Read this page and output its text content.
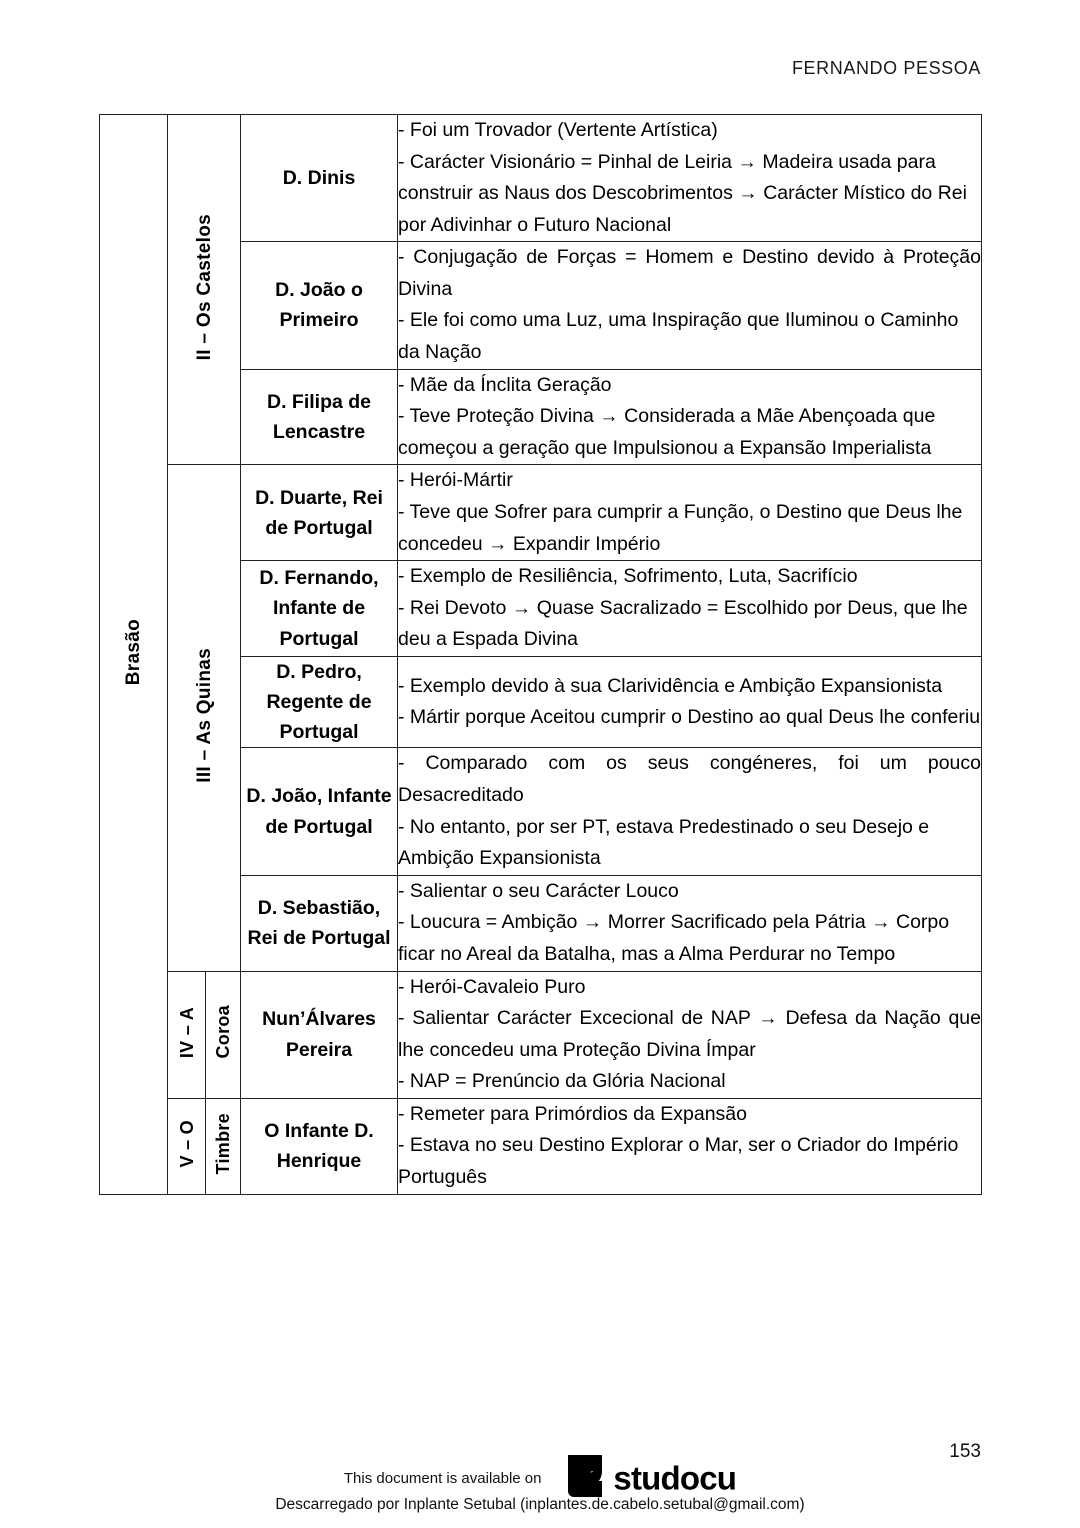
FERNANDO PESSOA
Brasão	II – Os Castelos		D. Dinis	- Foi um Trovador (Vertente Artística)

- Carácter Visionário = Pinhal de Leiria → Madeira usada para construir as Naus dos Descobrimentos → Carácter Místico do Rei por Adivinhar o Futuro Nacional

			D. João o Primeiro	- Conjugação de Forças = Homem e Destino devido à Proteção Divina

- Ele foi como uma Luz, uma Inspiração que Iluminou o Caminho da Nação

			D. Filipa de Lencastre	- Mãe da Ínclita Geração

- Teve Proteção Divina → Considerada a Mãe Abençoada que começou a geração que Impulsionou a Expansão Imperialista

	III – As Quinas		D. Duarte, Rei de Portugal	- Herói-Mártir

- Teve que Sofrer para cumprir a Função, o Destino que Deus lhe concedeu → Expandir Império

			D. Fernando, Infante de Portugal	- Exemplo de Resiliência, Sofrimento, Luta, Sacrifício

- Rei Devoto → Quase Sacralizado = Escolhido por Deus, que lhe deu a Espada Divina

			D. Pedro, Regente de Portugal	- Exemplo devido à sua Clarividência e Ambição Expansionista

- Mártir porque Aceitou cumprir o Destino ao qual Deus lhe conferiu

			D. João, Infante de Portugal	- Comparado com os seus congéneres, foi um pouco Desacreditado

- No entanto, por ser PT, estava Predestinado o seu Desejo e Ambição Expansionista

			D. Sebastião, Rei de Portugal	- Salientar o seu Carácter Louco

- Loucura = Ambição → Morrer Sacrificado pela Pátria → Corpo ficar no Areal da Batalha, mas a Alma Perdurar no Tempo

	IV – A	Coroa	Nun’Álvares Pereira	- Herói-Cavaleio Puro

- Salientar Carácter Excecional de NAP → Defesa da Nação que lhe concedeu uma Proteção Divina Ímpar

- NAP = Prenúncio da Glória Nacional

	V – O	Timbre	O Infante D. Henrique	- Remeter para Primórdios da Expansão

- Estava no seu Destino Explorar o Mar, ser o Criador do Império Português

153
This document is available on studocu
Descarregado por Inplante Setubal (inplantes.de.cabelo.setubal@gmail.com)
